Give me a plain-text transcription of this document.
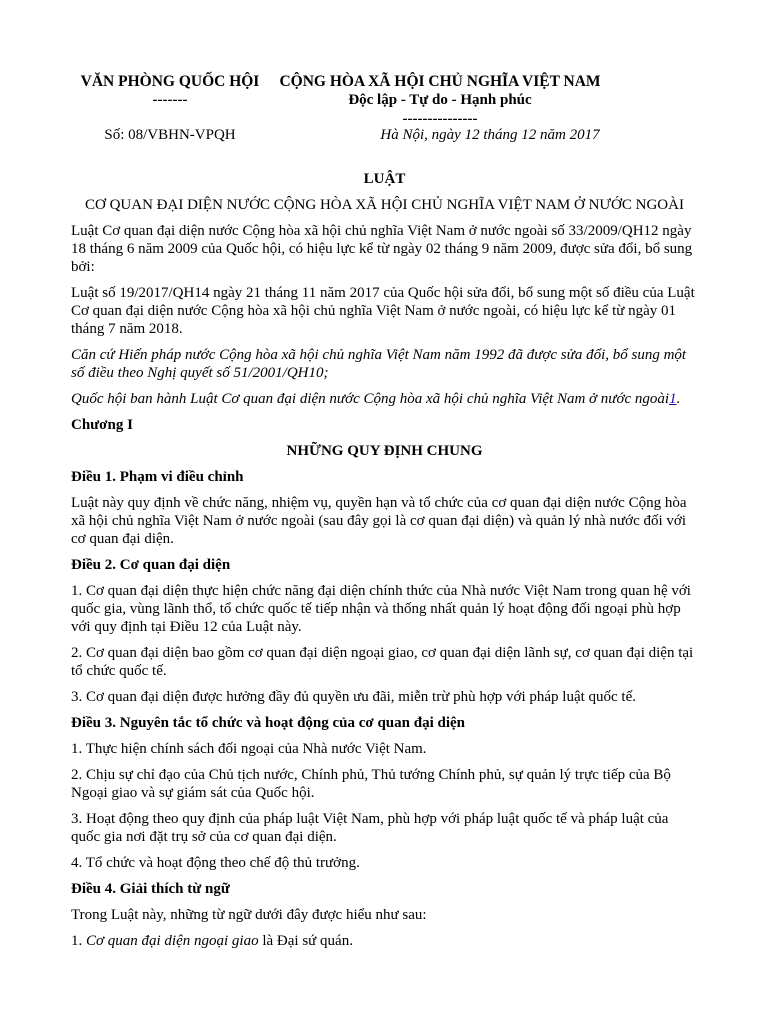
VĂN PHÒNG QUỐC HỘI
-------
CỘNG HÒA XÃ HỘI CHỦ NGHĨA VIỆT NAM
Độc lập - Tự do - Hạnh phúc
---------------
Số: 08/VBHN-VPQH	Hà Nội, ngày 12 tháng 12 năm 2017

LUẬT

CƠ QUAN ĐẠI DIỆN NƯỚC CỘNG HÒA XÃ HỘI CHỦ NGHĨA VIỆT NAM Ở NƯỚC NGOÀI

Luật Cơ quan đại diện nước Cộng hòa xã hội chủ nghĩa Việt Nam ở nước ngoài số 33/2009/QH12 ngày 18 tháng 6 năm 2009 của Quốc hội, có hiệu lực kể từ ngày 02 tháng 9 năm 2009, được sửa đổi, bổ sung bởi:

Luật số 19/2017/QH14 ngày 21 tháng 11 năm 2017 của Quốc hội sửa đổi, bổ sung một số điều của Luật Cơ quan đại diện nước Cộng hòa xã hội chủ nghĩa Việt Nam ở nước ngoài, có hiệu lực kể từ ngày 01 tháng 7 năm 2018.

Căn cứ Hiến pháp nước Cộng hòa xã hội chủ nghĩa Việt Nam năm 1992 đã được sửa đổi, bổ sung một số điều theo Nghị quyết số 51/2001/QH10;

Quốc hội ban hành Luật Cơ quan đại diện nước Cộng hòa xã hội chủ nghĩa Việt Nam ở nước ngoài1.

Chương I

NHỮNG QUY ĐỊNH CHUNG

Điều 1. Phạm vi điều chỉnh

Luật này quy định về chức năng, nhiệm vụ, quyền hạn và tổ chức của cơ quan đại diện nước Cộng hòa xã hội chủ nghĩa Việt Nam ở nước ngoài (sau đây gọi là cơ quan đại diện) và quản lý nhà nước đối với cơ quan đại diện.

Điều 2. Cơ quan đại diện

1. Cơ quan đại diện thực hiện chức năng đại diện chính thức của Nhà nước Việt Nam trong quan hệ với quốc gia, vùng lãnh thổ, tổ chức quốc tế tiếp nhận và thống nhất quản lý hoạt động đối ngoại phù hợp với quy định tại Điều 12 của Luật này.

2. Cơ quan đại diện bao gồm cơ quan đại diện ngoại giao, cơ quan đại diện lãnh sự, cơ quan đại diện tại tổ chức quốc tế.

3. Cơ quan đại diện được hưởng đầy đủ quyền ưu đãi, miễn trừ phù hợp với pháp luật quốc tế.

Điều 3. Nguyên tắc tổ chức và hoạt động của cơ quan đại diện

1. Thực hiện chính sách đối ngoại của Nhà nước Việt Nam.

2. Chịu sự chỉ đạo của Chủ tịch nước, Chính phủ, Thủ tướng Chính phủ, sự quản lý trực tiếp của Bộ Ngoại giao và sự giám sát của Quốc hội.

3. Hoạt động theo quy định của pháp luật Việt Nam, phù hợp với pháp luật quốc tế và pháp luật của quốc gia nơi đặt trụ sở của cơ quan đại diện.

4. Tổ chức và hoạt động theo chế độ thủ trưởng.

Điều 4. Giải thích từ ngữ

Trong Luật này, những từ ngữ dưới đây được hiểu như sau:

1. Cơ quan đại diện ngoại giao là Đại sứ quán.
